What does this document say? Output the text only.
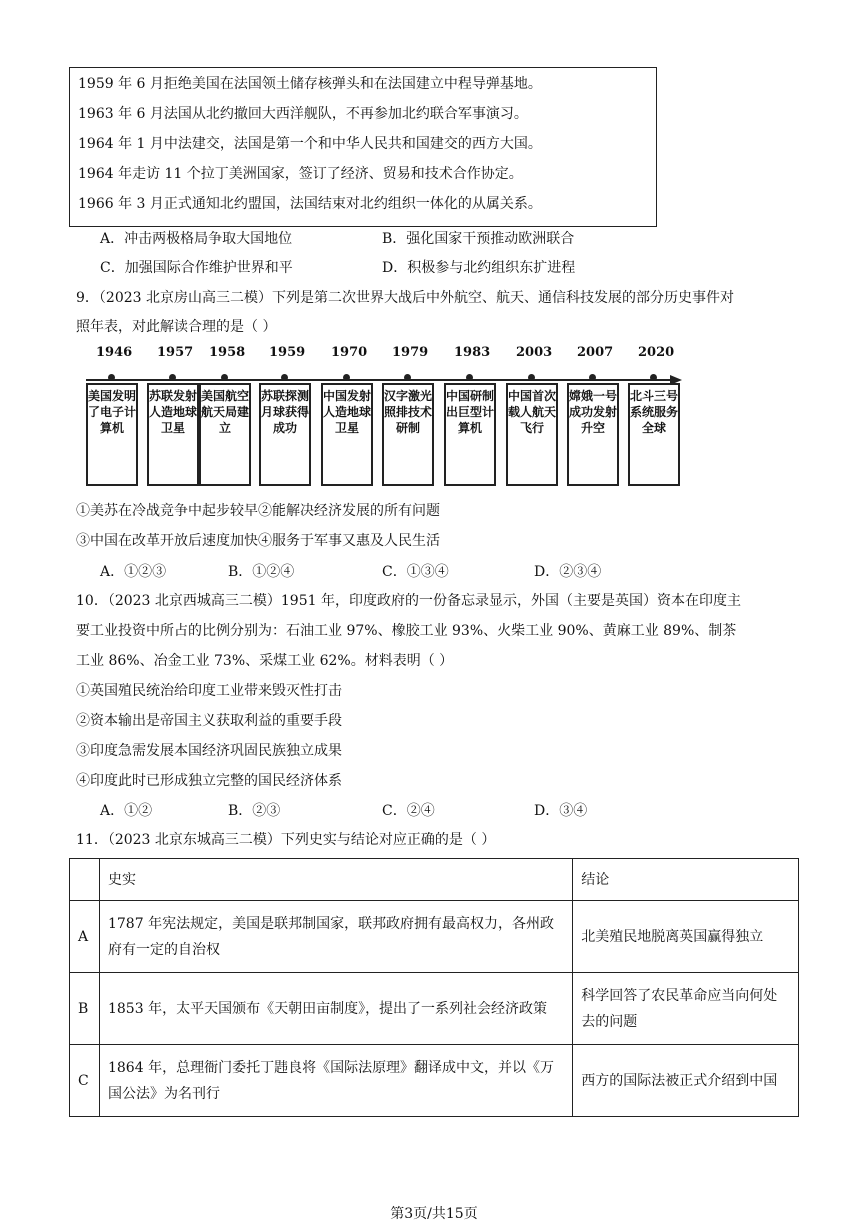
1959 年 6 月拒绝美国在法国领土储存核弹头和在法国建立中程导弹基地。
1963 年 6 月法国从北约撤回大西洋舰队，不再参加北约联合军事演习。
1964 年 1 月中法建交，法国是第一个和中华人民共和国建交的西方大国。
1964 年走访 11 个拉丁美洲国家，签订了经济、贸易和技术合作协定。
1966 年 3 月正式通知北约盟国，法国结束对北约组织一体化的从属关系。
A．冲击两极格局争取大国地位	B．强化国家干预推动欧洲联合
C．加强国际合作维护世界和平	D．积极参与北约组织东扩进程
9．（2023 北京房山高三二模）下列是第二次世界大战后中外航空、航天、通信科技发展的部分历史事件对
照年表，对此解读合理的是（ ）
1946
美国发明了电子计算机
1957
苏联发射人造地球卫星
1958
美国航空航天局建立
1959
苏联探测月球获得成功
1970
中国发射人造地球卫星
1979
汉字激光照排技术研制
1983
中国研制出巨型计算机
2003
中国首次载人航天飞行
2007
嫦娥一号成功发射升空
2020
北斗三号系统服务全球
①美苏在冷战竞争中起步较早②能解决经济发展的所有问题
③中国在改革开放后速度加快④服务于军事又惠及人民生活
A．①②③	B．①②④	C．①③④	D．②③④
10．（2023 北京西城高三二模）1951 年，印度政府的一份备忘录显示，外国（主要是英国）资本在印度主
要工业投资中所占的比例分别为：石油工业 97%、橡胶工业 93%、火柴工业 90%、黄麻工业 89%、制茶
工业 86%、冶金工业 73%、采煤工业 62%。材料表明（ ）
①英国殖民统治给印度工业带来毁灭性打击
②资本输出是帝国主义获取利益的重要手段
③印度急需发展本国经济巩固民族独立成果
④印度此时已形成独立完整的国民经济体系
A．①②	B．②③	C．②④	D．③④
11．（2023 北京东城高三二模）下列史实与结论对应正确的是（ ）
	史实	结论
A	1787 年宪法规定，美国是联邦制国家，联邦政府拥有最高权力，各州政府有一定的自治权	北美殖民地脱离英国赢得独立
B	1853 年，太平天国颁布《天朝田亩制度》，提出了一系列社会经济政策	科学回答了农民革命应当向何处去的问题
C	1864 年，总理衙门委托丁韪良将《国际法原理》翻译成中文，并以《万国公法》为名刊行	西方的国际法被正式介绍到中国
第3页/共15页
